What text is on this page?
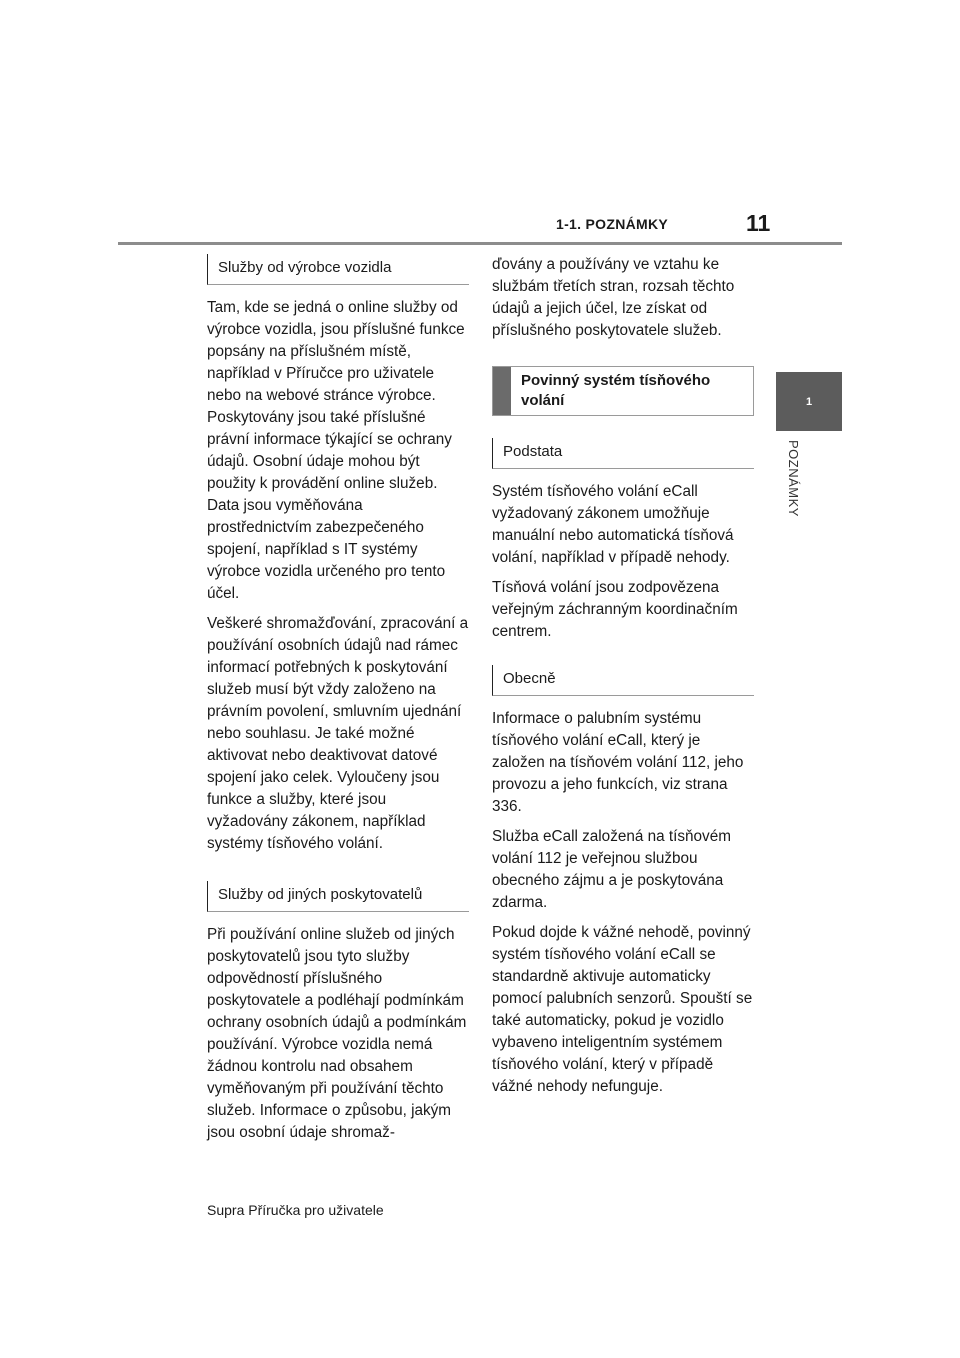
1-1. POZNÁMKY	11
1
POZNÁMKY
Služby od výrobce vozidla

Tam, kde se jedná o online služby od výrobce vozidla, jsou příslušné funkce popsány na příslušném místě, například v Příručce pro uživatele nebo na webové stránce výrobce. Poskytovány jsou také příslušné právní informace týkající se ochrany údajů. Osobní údaje mohou být použity k provádění online služeb. Data jsou vyměňována prostřednictvím zabezpečeného spojení, například s IT systémy výrobce vozidla určeného pro tento účel.

Veškeré shromažďování, zpracování a používání osobních údajů nad rámec informací potřebných k poskytování služeb musí být vždy založeno na právním povolení, smluvním ujednání nebo souhlasu. Je také možné aktivovat nebo deaktivovat datové spojení jako celek. Vyloučeny jsou funkce a služby, které jsou vyžadovány zákonem, například systémy tísňového volání.

Služby od jiných poskytovatelů

Při používání online služeb od jiných poskytovatelů jsou tyto služby odpovědností příslušného poskytovatele a podléhají podmínkám ochrany osobních údajů a podmínkám používání. Výrobce vozidla nemá žádnou kontrolu nad obsahem vyměňovaným při používání těchto služeb. Informace o způsobu, jakým jsou osobní údaje shromaž-

ďovány a používány ve vztahu ke službám třetích stran, rozsah těchto údajů a jejich účel, lze získat od příslušného poskytovatele služeb.

Povinný systém tísňového volání
Podstata

Systém tísňového volání eCall vyžadovaný zákonem umožňuje manuální nebo automatická tísňová volání, například v případě nehody.

Tísňová volání jsou zodpovězena veřejným záchranným koordinačním centrem.

Obecně

Informace o palubním systému tísňového volání eCall, který je založen na tísňovém volání 112, jeho provozu a jeho funkcích, viz strana 336.

Služba eCall založená na tísňovém volání 112 je veřejnou službou obecného zájmu a je poskytována zdarma.

Pokud dojde k vážné nehodě, povinný systém tísňového volání eCall se standardně aktivuje automaticky pomocí palubních senzorů. Spouští se také automaticky, pokud je vozidlo vybaveno inteligentním systémem tísňového volání, který v případě vážné nehody nefunguje.

Supra Příručka pro uživatele
